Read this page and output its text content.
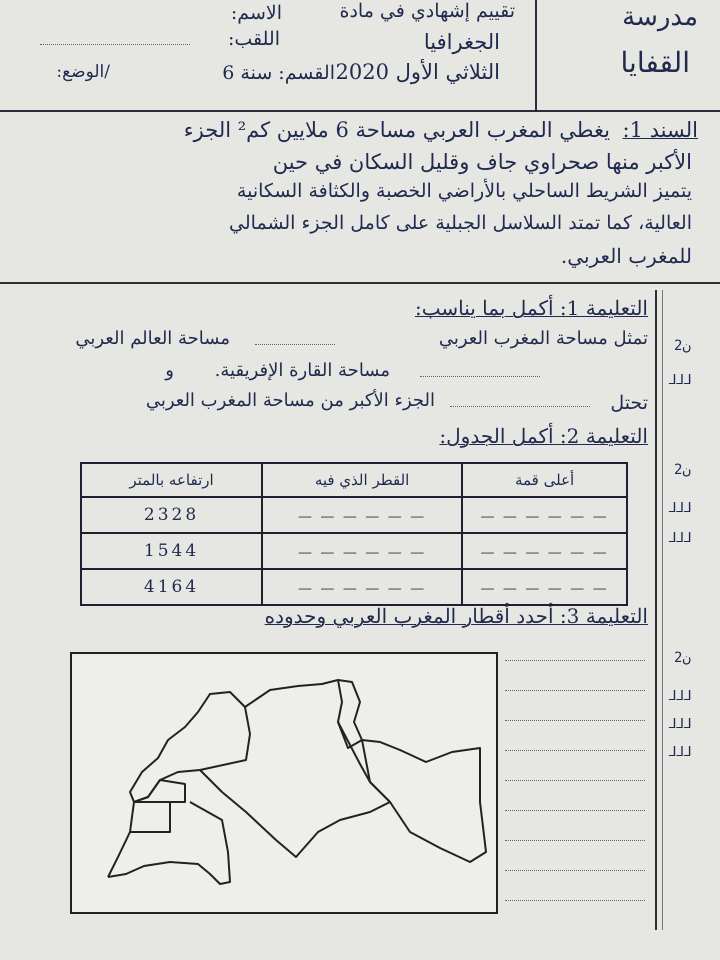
مدرسة
القفايا
تقييم إشهادي في مادة
الاسم:
الجغرافيا
اللقب:
الثلاثي الأول 2020
القسم: سنة 6
/الوضع:
السند 1:
يغطي المغرب العربي مساحة 6 ملايين كم² الجزء
الأكبر منها صحراوي جاف وقليل السكان في حين
يتميز الشريط الساحلي بالأراضي الخصبة والكثافة السكانية
العالية، كما تمتد السلاسل الجبلية على كامل الجزء الشمالي
للمغرب العربي.
التعليمة 1: أكمل بما يناسب:
تمثل مساحة المغرب العربي
مساحة العالم العربي
مساحة القارة الإفريقية.
و
تحتل
الجزء الأكبر من مساحة المغرب العربي
2ن
ᒧᒧᒧ
التعليمة 2: أكمل الجدول:
ارتفاعه بالمتر	القطر الذي فيه	أعلى قمة
2328	— — — — — —	— — — — — —
1544	— — — — — —	— — — — — —
4164	— — — — — —	— — — — — —
2ن
ᒧᒧᒧ
ᒧᒧᒧ
التعليمة 3: أحدد أقطار المغرب العربي وحدوده
2ن
ᒧᒧᒧ
ᒧᒧᒧ
ᒧᒧᒧ
